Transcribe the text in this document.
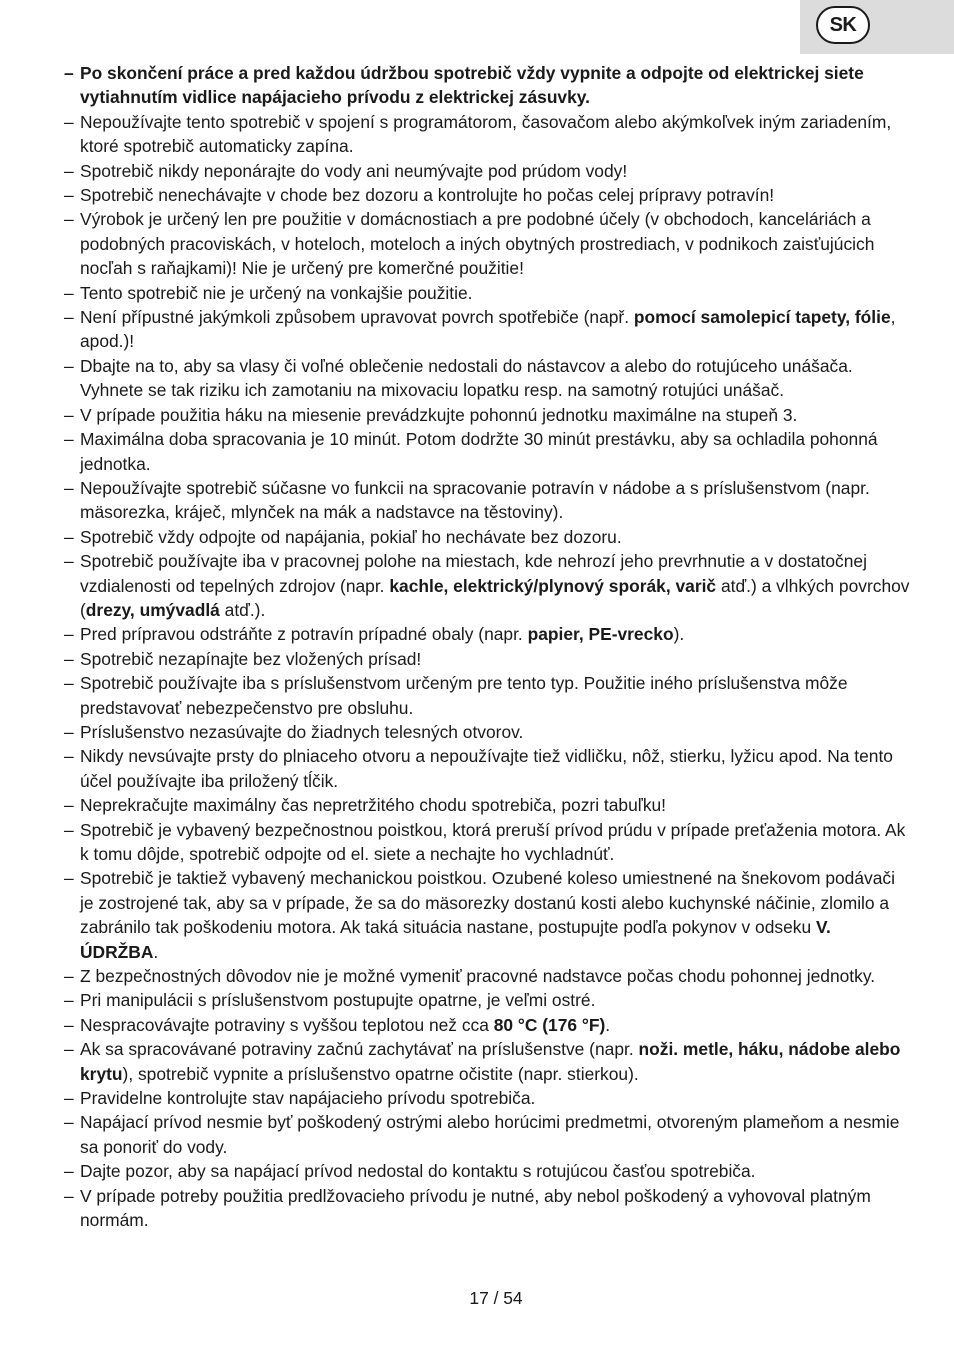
SK

– Po skončení práce a pred každou údržbou spotrebič vždy vypnite a odpojte od elektrickej siete vytiahnutím vidlice napájacieho prívodu z elektrickej zásuvky.

– Nepoužívajte tento spotrebič v spojení s programátorom, časovačom alebo akýmkoľvek iným zariadením, ktoré spotrebič automaticky zapína.

– Spotrebič nikdy neponárajte do vody ani neumývajte pod prúdom vody!

– Spotrebič nenechávajte v chode bez dozoru a kontrolujte ho počas celej prípravy potravín!

– Výrobok je určený len pre použitie v domácnostiach a pre podobné účely (v obchodoch, kanceláriách a podobných pracoviskách, v hoteloch, moteloch a iných obytných prostrediach, v podnikoch zaisťujúcich nocľah s raňajkami)! Nie je určený pre komerčné použitie!

– Tento spotrebič nie je určený na vonkajšie použitie.

– Není přípustné jakýmkoli způsobem upravovat povrch spotřebiče (např. pomocí samolepicí tapety, fólie, apod.)!

– Dbajte na to, aby sa vlasy či voľné oblečenie nedostali do nástavcov a alebo do rotujúceho unášača. Vyhnete se tak riziku ich zamotaniu na mixovaciu lopatku resp. na samotný rotujúci unášač.

– V prípade použitia háku na miesenie prevádzkujte pohonnú jednotku maximálne na stupeň 3.

– Maximálna doba spracovania je 10 minút. Potom dodržte 30 minút prestávku, aby sa ochladila pohonná jednotka.

– Nepoužívajte spotrebič súčasne vo funkcii na spracovanie potravín v nádobe a s príslušenstvom (napr. mäsorezka, kráječ, mlynček na mák a nadstavce na těstoviny).

– Spotrebič vždy odpojte od napájania, pokiaľ ho nechávate bez dozoru.

– Spotrebič používajte iba v pracovnej polohe na miestach, kde nehrozí jeho prevrhnutie a v dostatočnej vzdialenosti od tepelných zdrojov (napr. kachle, elektrický/plynový sporák, varič atď.) a vlhkých povrchov (drezy, umývadlá atď.).

– Pred prípravou odstráňte z potravín prípadné obaly (napr. papier, PE-vrecko).

– Spotrebič nezapínajte bez vložených prísad!

– Spotrebič používajte iba s príslušenstvom určeným pre tento typ. Použitie iného príslušenstva môže predstavovať nebezpečenstvo pre obsluhu.

– Príslušenstvo nezasúvajte do žiadnych telesných otvorov.

– Nikdy nevsúvajte prsty do plniaceho otvoru a nepoužívajte tiež vidličku, nôž, stierku, lyžicu apod. Na tento účel používajte iba priložený tĺčik.

– Neprekračujte maximálny čas nepretržitého chodu spotrebiča, pozri tabuľku!

– Spotrebič je vybavený bezpečnostnou poistkou, ktorá preruší prívod prúdu v prípade preťaženia motora. Ak k tomu dôjde, spotrebič odpojte od el. siete a nechajte ho vychladnúť.

– Spotrebič je taktiež vybavený mechanickou poistkou. Ozubené koleso umiestnené na šnekovom podávači je zostrojené tak, aby sa v prípade, že sa do mäsorezky dostanú kosti alebo kuchynské náčinie, zlomilo a zabránilo tak poškodeniu motora. Ak taká situácia nastane, postupujte podľa pokynov v odseku V. ÚDRŽBA.

– Z bezpečnostných dôvodov nie je možné vymeniť pracovné nadstavce počas chodu pohonnej jednotky.

– Pri manipulácii s príslušenstvom postupujte opatrne, je veľmi ostré.

– Nespracovávajte potraviny s vyššou teplotou než cca 80 °C (176 °F).

– Ak sa spracovávané potraviny začnú zachytávať na príslušenstve (napr. noži. metle, háku, nádobe alebo krytu), spotrebič vypnite a príslušenstvo opatrne očistite (napr. stierkou).

– Pravidelne kontrolujte stav napájacieho prívodu spotrebiča.

– Napájací prívod nesmie byť poškodený ostrými alebo horúcimi predmetmi, otvoreným plameňom a nesmie sa ponoriť do vody.

– Dajte pozor, aby sa napájací prívod nedostal do kontaktu s rotujúcou časťou spotrebiča.

– V prípade potreby použitia predlžovacieho prívodu je nutné, aby nebol poškodený a vyhovoval platným normám.

17 / 54
